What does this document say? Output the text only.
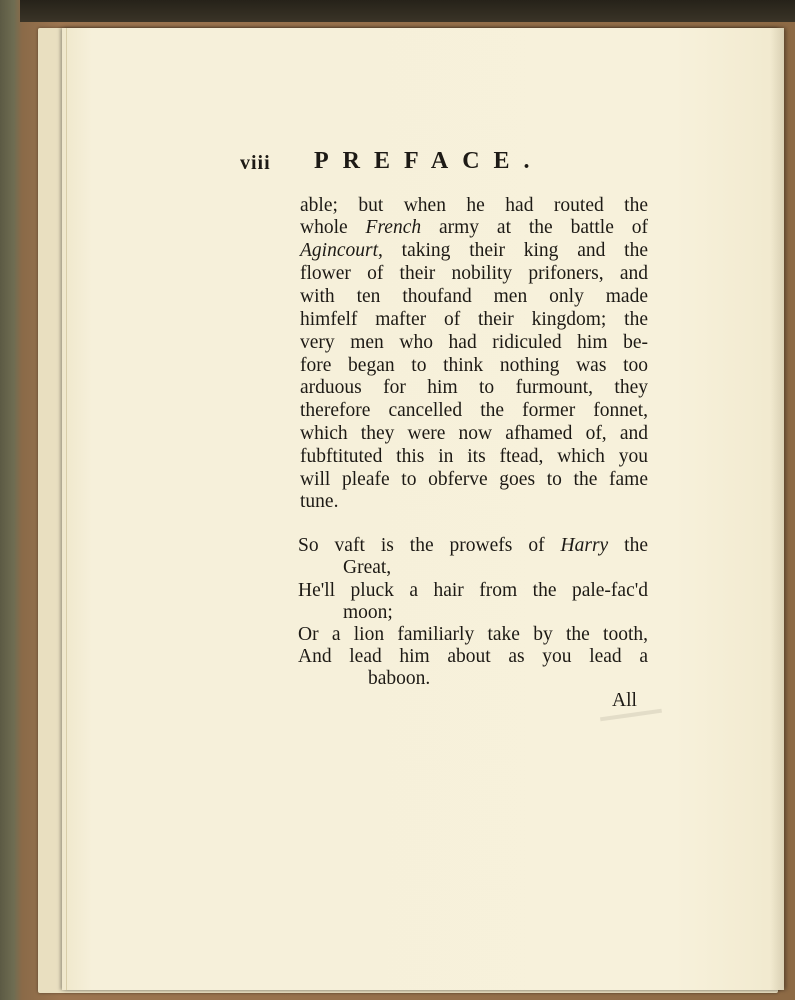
viii PREFACE.
able; but when he had routed the
whole French army at the battle of
Agincourt, taking their king and the
flower of their nobility prifoners, and
with ten thoufand men only made
himfelf mafter of their kingdom; the
very men who had ridiculed him be-
fore began to think nothing was too
arduous for him to furmount, they
therefore cancelled the former fonnet,
which they were now afhamed of, and
fubftituted this in its ftead, which you
will pleafe to obferve goes to the fame
tune.
So vaft is the prowefs of Harry the
Great,
He'll pluck a hair from the pale-fac'd
moon;
Or a lion familiarly take by the tooth,
And lead him about as you lead a
baboon.
All
